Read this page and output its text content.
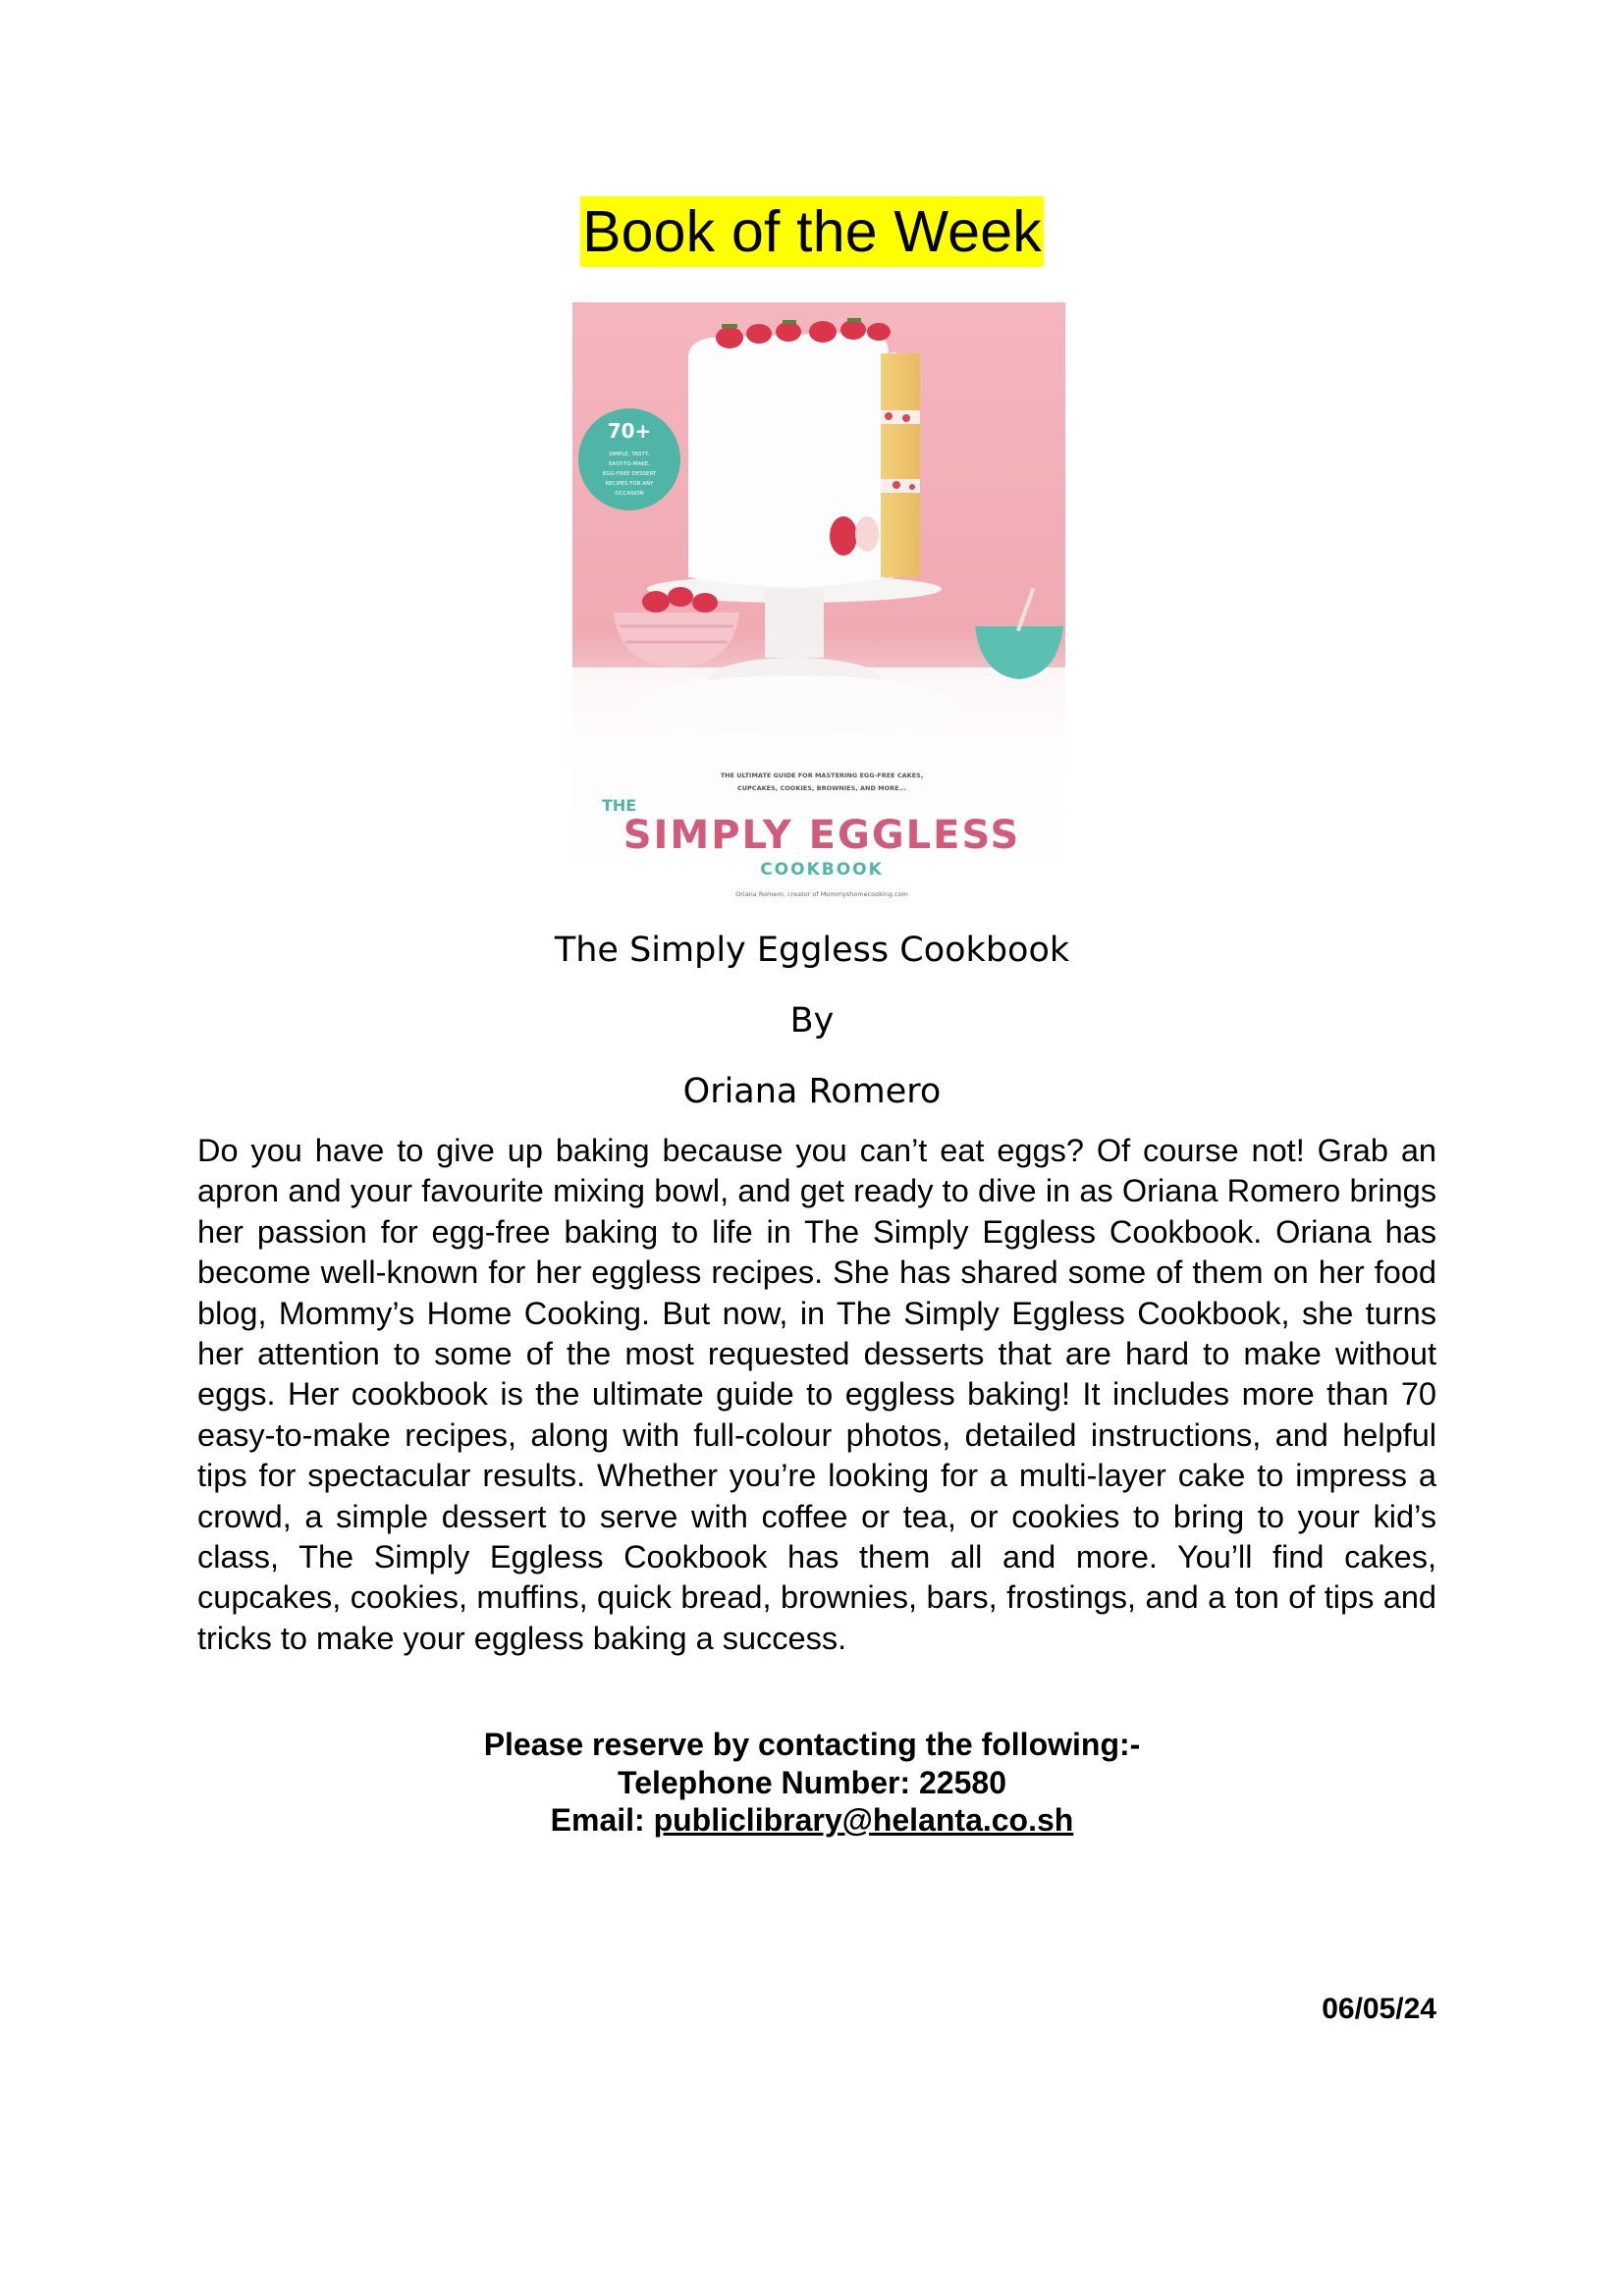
Book of the Week
70+
SIMPLE, TASTY,
EASY-TO-MAKE,
EGG-FREE DESSERT
RECIPES FOR ANY
OCCASION
THE ULTIMATE GUIDE FOR MASTERING EGG-FREE CAKES,
CUPCAKES, COOKIES, BROWNIES, AND MORE...
THE
SIMPLY EGGLESS
COOKBOOK
Oriana Romero, creator of Mommyshomecooking.com
The Simply Eggless Cookbook
By
Oriana Romero

Do you have to give up baking because you can’t eat eggs? Of course not! Grab an apron and your favourite mixing bowl, and get ready to dive in as Oriana Romero brings her passion for egg-free baking to life in The Simply Eggless Cookbook. Oriana has become well-known for her eggless recipes. She has shared some of them on her food blog, Mommy’s Home Cooking. But now, in The Simply Eggless Cookbook, she turns her attention to some of the most requested desserts that are hard to make without eggs. Her cookbook is the ultimate guide to eggless baking! It includes more than 70 easy-to-make recipes, along with full-colour photos, detailed instructions, and helpful tips for spectacular results. Whether you’re looking for a multi-layer cake to impress a crowd, a simple dessert to serve with coffee or tea, or cookies to bring to your kid’s class, The Simply Eggless Cookbook has them all and more. You’ll find cakes, cupcakes, cookies, muffins, quick bread, brownies, bars, frostings, and a ton of tips and tricks to make your eggless baking a success.

Please reserve by contacting the following:-
Telephone Number: 22580
Email: publiclibrary@helanta.co.sh
06/05/24
